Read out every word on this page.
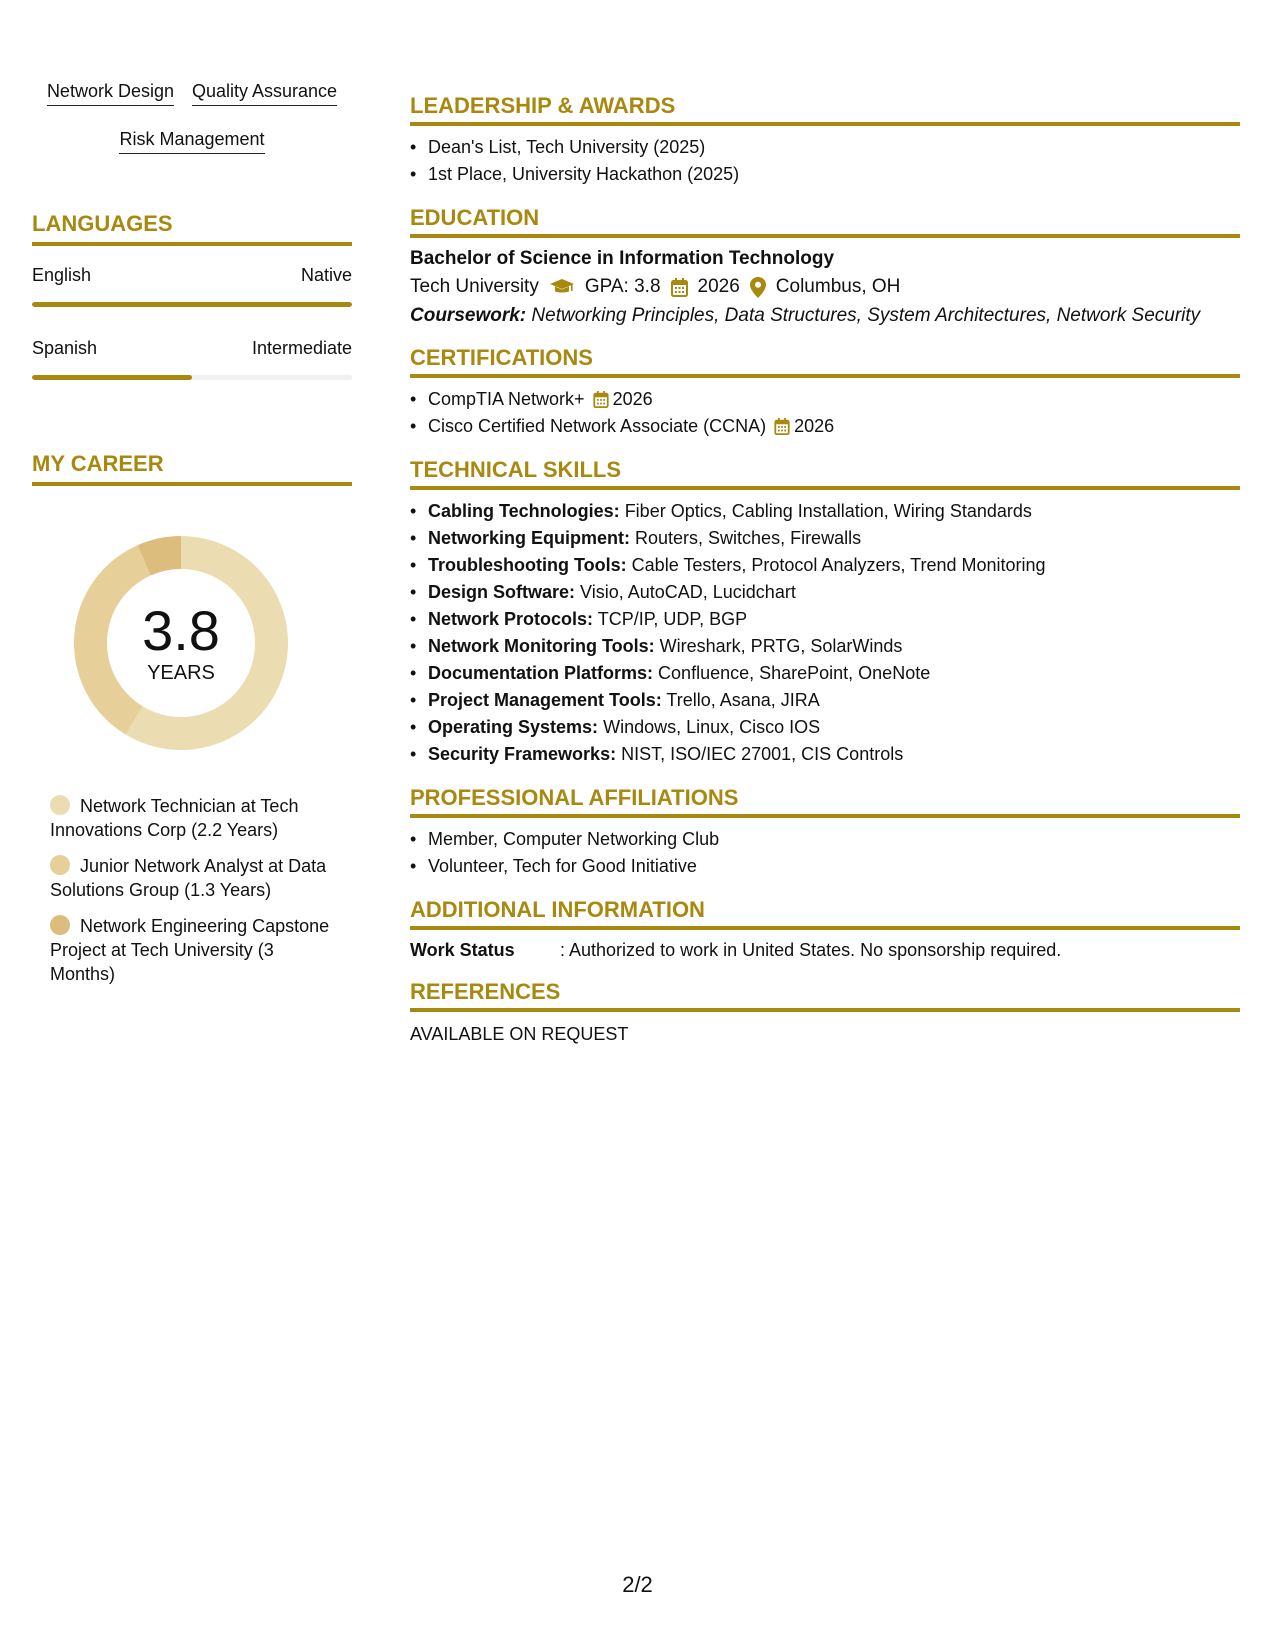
Network Design Quality Assurance
Risk Management
LANGUAGES
English	Native
Spanish	Intermediate
MY CAREER
3.8
YEARS
Network Technician at Tech Innovations Corp (2.2 Years)
Junior Network Analyst at Data Solutions Group (1.3 Years)
Network Engineering Capstone Project at Tech University (3 Months)
LEADERSHIP & AWARDS
• Dean's List, Tech University (2025)
• 1st Place, University Hackathon (2025)
EDUCATION
Bachelor of Science in Information Technology
Tech University GPA: 3.8 2026 Columbus, OH
Coursework: Networking Principles, Data Structures, System Architectures, Network Security
CERTIFICATIONS
• CompTIA Network+ 2026
• Cisco Certified Network Associate (CCNA) 2026
TECHNICAL SKILLS
• Cabling Technologies: Fiber Optics, Cabling Installation, Wiring Standards
• Networking Equipment: Routers, Switches, Firewalls
• Troubleshooting Tools: Cable Testers, Protocol Analyzers, Trend Monitoring
• Design Software: Visio, AutoCAD, Lucidchart
• Network Protocols: TCP/IP, UDP, BGP
• Network Monitoring Tools: Wireshark, PRTG, SolarWinds
• Documentation Platforms: Confluence, SharePoint, OneNote
• Project Management Tools: Trello, Asana, JIRA
• Operating Systems: Windows, Linux, Cisco IOS
• Security Frameworks: NIST, ISO/IEC 27001, CIS Controls
PROFESSIONAL AFFILIATIONS
• Member, Computer Networking Club
• Volunteer, Tech for Good Initiative
ADDITIONAL INFORMATION
Work Status	: Authorized to work in United States. No sponsorship required.
REFERENCES
AVAILABLE ON REQUEST
2/2
